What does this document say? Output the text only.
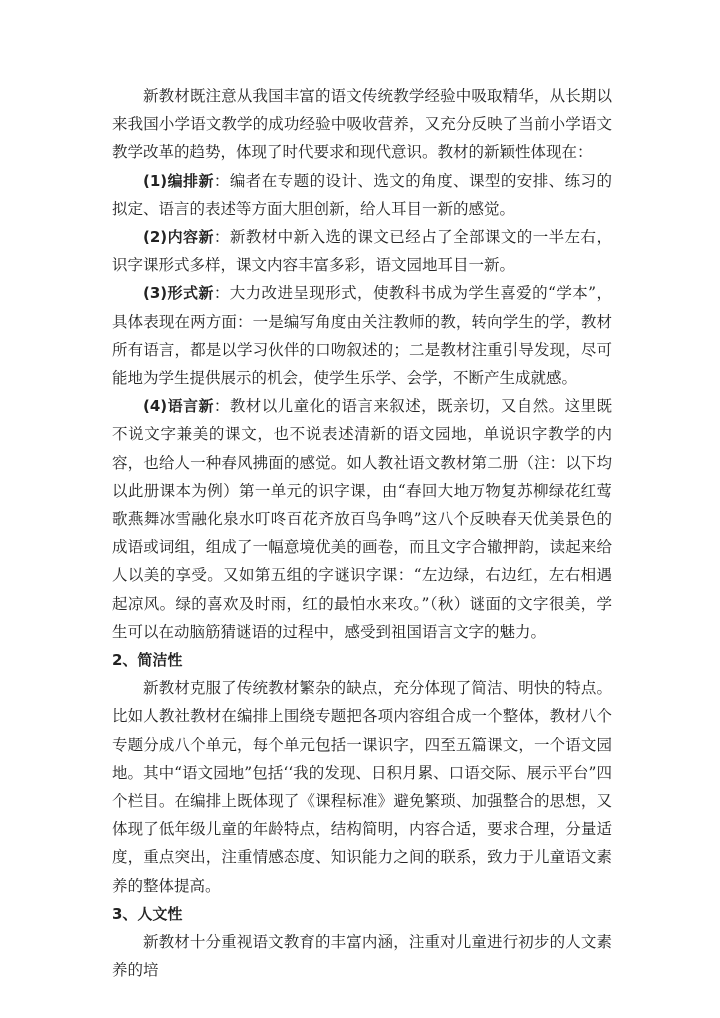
新教材既注意从我国丰富的语文传统教学经验中吸取精华，从长期以来我国小学语文教学的成功经验中吸收营养，又充分反映了当前小学语文教学改革的趋势，体现了时代要求和现代意识。教材的新颖性体现在：

(1)编排新：编者在专题的设计、选文的角度、课型的安排、练习的拟定、语言的表述等方面大胆创新，给人耳目一新的感觉。

(2)内容新：新教材中新入选的课文已经占了全部课文的一半左右，识字课形式多样，课文内容丰富多彩，语文园地耳目一新。

(3)形式新：大力改进呈现形式，使教科书成为学生喜爱的“学本”，具体表现在两方面：一是编写角度由关注教师的教，转向学生的学，教材所有语言，都是以学习伙伴的口吻叙述的；二是教材注重引导发现，尽可能地为学生提供展示的机会，使学生乐学、会学，不断产生成就感。

(4)语言新：教材以儿童化的语言来叙述，既亲切，又自然。这里既不说文字兼美的课文，也不说表述清新的语文园地，单说识字教学的内容，也给人一种春风拂面的感觉。如人教社语文教材第二册（注：以下均以此册课本为例）第一单元的识字课，由“春回大地万物复苏柳绿花红莺歌燕舞冰雪融化泉水叮咚百花齐放百鸟争鸣”这八个反映春天优美景色的成语或词组，组成了一幅意境优美的画卷，而且文字合辙押韵，读起来给人以美的享受。又如第五组的字谜识字课：“左边绿，右边红，左右相遇起凉风。绿的喜欢及时雨，红的最怕水来攻。”（秋）谜面的文字很美，学生可以在动脑筋猜谜语的过程中，感受到祖国语言文字的魅力。

2、简洁性

新教材克服了传统教材繁杂的缺点，充分体现了简洁、明快的特点。比如人教社教材在编排上围绕专题把各项内容组合成一个整体，教材八个专题分成八个单元，每个单元包括一课识字，四至五篇课文，一个语文园地。其中“语文园地”包括‘‘我的发现、日积月累、口语交际、展示平台”四个栏目。在编排上既体现了《课程标准》避免繁琐、加强整合的思想，又体现了低年级儿童的年龄特点，结构简明，内容合适，要求合理，分量适度，重点突出，注重情感态度、知识能力之间的联系，致力于儿童语文素养的整体提高。

3、人文性

新教材十分重视语文教育的丰富内涵，注重对儿童进行初步的人文素养的培
